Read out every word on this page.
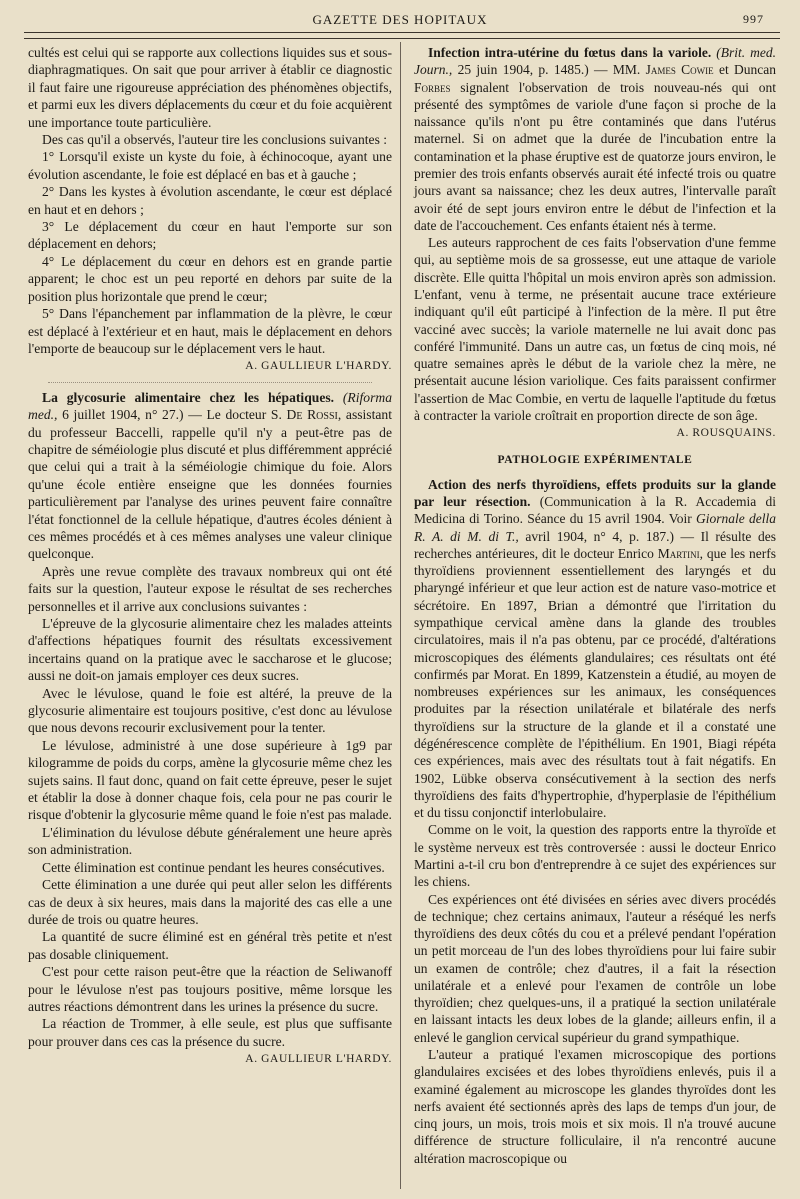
GAZETTE DES HOPITAUX	997

cultés est celui qui se rapporte aux collections liquides sus et sous-diaphragmatiques. On sait que pour arriver à établir ce diagnostic il faut faire une rigoureuse appréciation des phénomènes objectifs, et parmi eux les divers déplacements du cœur et du foie acquièrent une importance toute particulière.

Des cas qu'il a observés, l'auteur tire les conclusions suivantes :

1° Lorsqu'il existe un kyste du foie, à échinocoque, ayant une évolution ascendante, le foie est déplacé en bas et à gauche ;

2° Dans les kystes à évolution ascendante, le cœur est déplacé en haut et en dehors ;

3° Le déplacement du cœur en haut l'emporte sur son déplacement en dehors;

4° Le déplacement du cœur en dehors est en grande partie apparent; le choc est un peu reporté en dehors par suite de la position plus horizontale que prend le cœur;

5° Dans l'épanchement par inflammation de la plèvre, le cœur est déplacé à l'extérieur et en haut, mais le déplacement en dehors l'emporte de beaucoup sur le déplacement vers le haut.

A. GAULLIEUR L'HARDY.

La glycosurie alimentaire chez les hépatiques. (Riforma med., 6 juillet 1904, n° 27.) — Le docteur S. De Rossi, assistant du professeur Baccelli, rappelle qu'il n'y a peut-être pas de chapitre de séméiologie plus discuté et plus différemment apprécié que celui qui a trait à la séméiologie chimique du foie. Alors qu'une école entière enseigne que les données fournies particulièrement par l'analyse des urines peuvent faire connaître l'état fonctionnel de la cellule hépatique, d'autres écoles dénient à ces mêmes procédés et à ces mêmes analyses une valeur clinique quelconque.

Après une revue complète des travaux nombreux qui ont été faits sur la question, l'auteur expose le résultat de ses recherches personnelles et il arrive aux conclusions suivantes :

L'épreuve de la glycosurie alimentaire chez les malades atteints d'affections hépatiques fournit des résultats excessivement incertains quand on la pratique avec le saccharose et le glucose; aussi ne doit-on jamais employer ces deux sucres.

Avec le lévulose, quand le foie est altéré, la preuve de la glycosurie alimentaire est toujours positive, c'est donc au lévulose que nous devons recourir exclusivement pour la tenter.

Le lévulose, administré à une dose supérieure à 1g9 par kilogramme de poids du corps, amène la glycosurie même chez les sujets sains. Il faut donc, quand on fait cette épreuve, peser le sujet et établir la dose à donner chaque fois, cela pour ne pas courir le risque d'obtenir la glycosurie même quand le foie n'est pas malade.

L'élimination du lévulose débute généralement une heure après son administration.

Cette élimination est continue pendant les heures consécutives.

Cette élimination a une durée qui peut aller selon les différents cas de deux à six heures, mais dans la majorité des cas elle a une durée de trois ou quatre heures.

La quantité de sucre éliminé est en général très petite et n'est pas dosable cliniquement.

C'est pour cette raison peut-être que la réaction de Seliwanoff pour le lévulose n'est pas toujours positive, même lorsque les autres réactions démontrent dans les urines la présence du sucre.

La réaction de Trommer, à elle seule, est plus que suffisante pour prouver dans ces cas la présence du sucre.

A. GAULLIEUR L'HARDY.

Infection intra-utérine du fœtus dans la variole. (Brit. med. Journ., 25 juin 1904, p. 1485.) — MM. James Cowie et Duncan Forbes signalent l'observation de trois nouveau-nés qui ont présenté des symptômes de variole d'une façon si proche de la naissance qu'ils n'ont pu être contaminés que dans l'utérus maternel. Si on admet que la durée de l'incubation entre la contamination et la phase éruptive est de quatorze jours environ, le premier des trois enfants observés aurait été infecté trois ou quatre jours avant sa naissance; chez les deux autres, l'intervalle paraît avoir été de sept jours environ entre le début de l'infection et la date de l'accouchement. Ces enfants étaient nés à terme.

Les auteurs rapprochent de ces faits l'observation d'une femme qui, au septième mois de sa grossesse, eut une attaque de variole discrète. Elle quitta l'hôpital un mois environ après son admission. L'enfant, venu à terme, ne présentait aucune trace extérieure indiquant qu'il eût participé à l'infection de la mère. Il put être vacciné avec succès; la variole maternelle ne lui avait donc pas conféré l'immunité. Dans un autre cas, un fœtus de cinq mois, né quatre semaines après le début de la variole chez la mère, ne présentait aucune lésion variolique. Ces faits paraissent confirmer l'assertion de Mac Combie, en vertu de laquelle l'aptitude du fœtus à contracter la variole croîtrait en proportion directe de son âge.

A. ROUSQUAINS.
PATHOLOGIE EXPÉRIMENTALE

Action des nerfs thyroïdiens, effets produits sur la glande par leur résection. (Communication à la R. Accademia di Medicina di Torino. Séance du 15 avril 1904. Voir Giornale della R. A. di M. di T., avril 1904, n° 4, p. 187.) — Il résulte des recherches antérieures, dit le docteur Enrico Martini, que les nerfs thyroïdiens proviennent essentiellement des laryngés et du pharyngé inférieur et que leur action est de nature vaso-motrice et sécrétoire. En 1897, Brian a démontré que l'irritation du sympathique cervical amène dans la glande des troubles circulatoires, mais il n'a pas obtenu, par ce procédé, d'altérations microscopiques des éléments glandulaires; ces résultats ont été confirmés par Morat. En 1899, Katzenstein a étudié, au moyen de nombreuses expériences sur les animaux, les conséquences produites par la résection unilatérale et bilatérale des nerfs thyroïdiens sur la structure de la glande et il a constaté une dégénérescence complète de l'épithélium. En 1901, Biagi répéta ces expériences, mais avec des résultats tout à fait négatifs. En 1902, Lübke observa consécutivement à la section des nerfs thyroïdiens des faits d'hypertrophie, d'hyperplasie de l'épithélium et du tissu conjonctif interlobulaire.

Comme on le voit, la question des rapports entre la thyroïde et le système nerveux est très controversée : aussi le docteur Enrico Martini a-t-il cru bon d'entreprendre à ce sujet des expériences sur les chiens.

Ces expériences ont été divisées en séries avec divers procédés de technique; chez certains animaux, l'auteur a réséqué les nerfs thyroïdiens des deux côtés du cou et a prélevé pendant l'opération un petit morceau de l'un des lobes thyroïdiens pour lui faire subir un examen de contrôle; chez d'autres, il a fait la résection unilatérale et a enlevé pour l'examen de contrôle un lobe thyroïdien; chez quelques-uns, il a pratiqué la section unilatérale en laissant intacts les deux lobes de la glande; ailleurs enfin, il a enlevé le ganglion cervical supérieur du grand sympathique.

L'auteur a pratiqué l'examen microscopique des portions glandulaires excisées et des lobes thyroïdiens enlevés, puis il a examiné également au microscope les glandes thyroïdes dont les nerfs avaient été sectionnés après des laps de temps d'un jour, de cinq jours, un mois, trois mois et six mois. Il n'a trouvé aucune différence de structure folliculaire, il n'a rencontré aucune altération macroscopique ou
